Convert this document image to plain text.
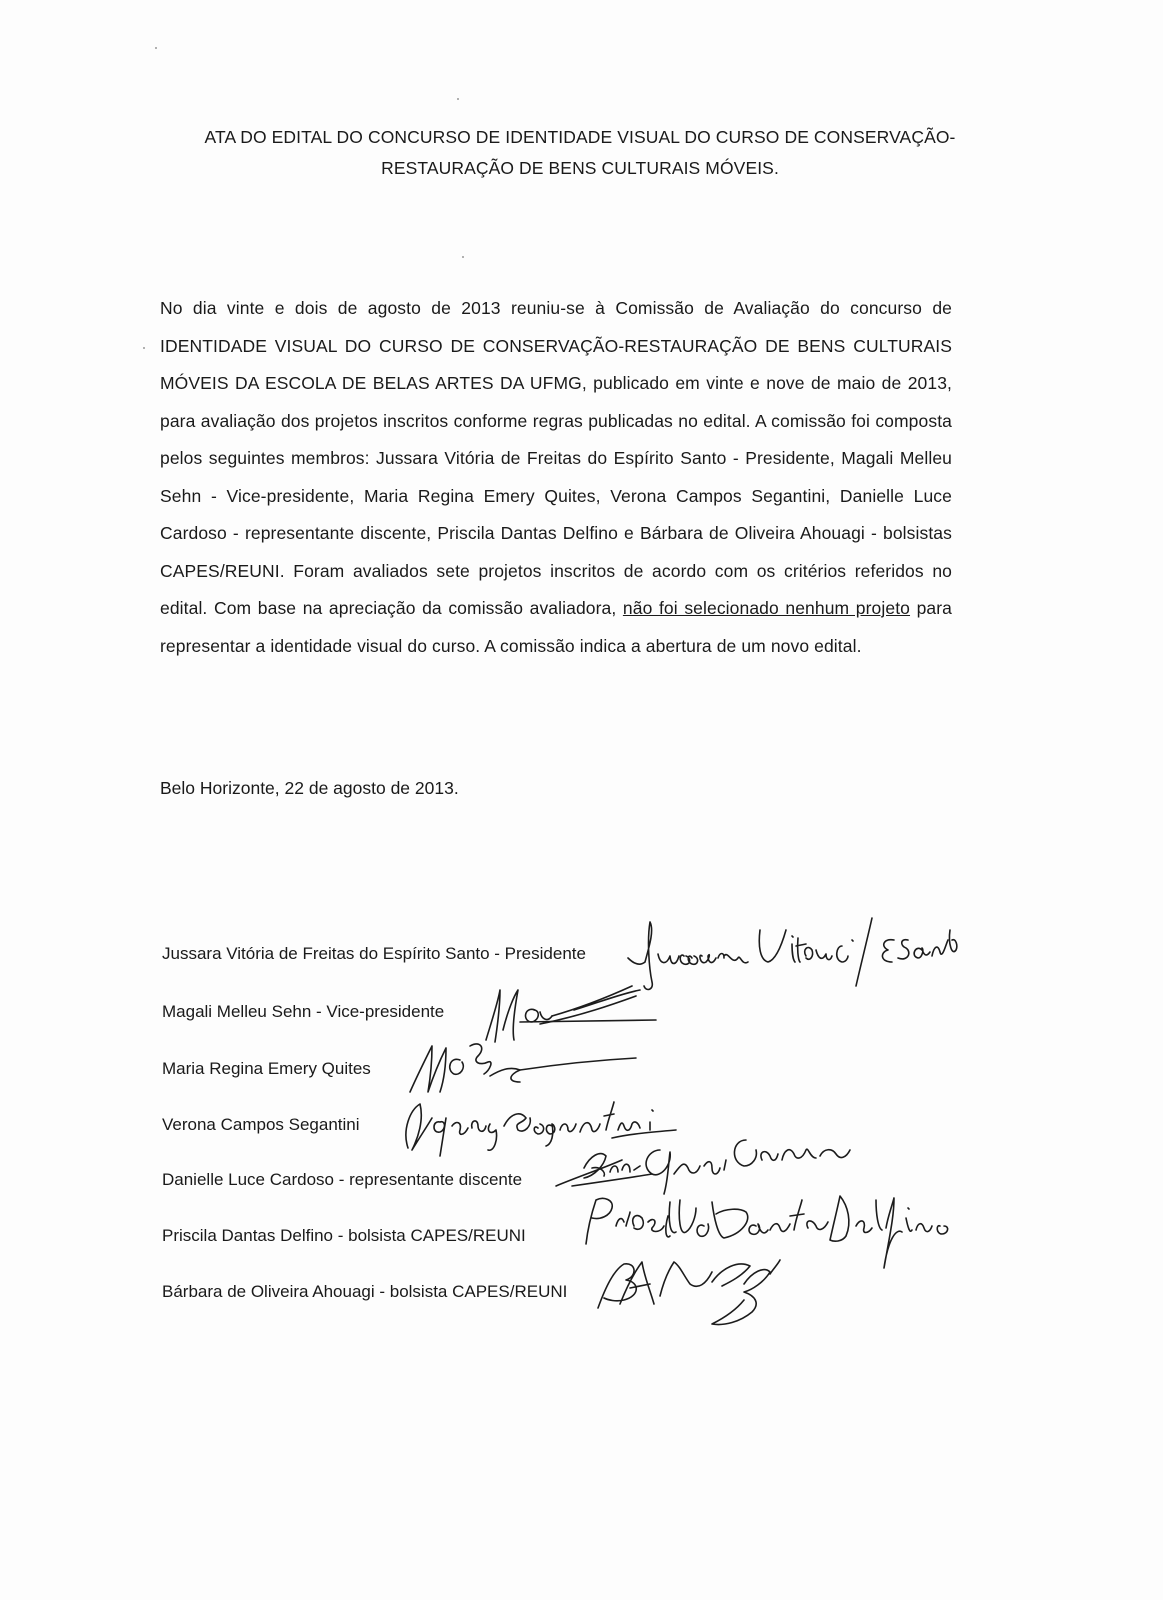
ATA DO EDITAL DO CONCURSO DE IDENTIDADE VISUAL DO CURSO DE CONSERVAÇÃO-
RESTAURAÇÃO DE BENS CULTURAIS MÓVEIS.
No dia vinte e dois de agosto de 2013 reuniu-se à Comissão de Avaliação do concurso de IDENTIDADE VISUAL DO CURSO DE CONSERVAÇÃO-RESTAURAÇÃO DE BENS CULTURAIS MÓVEIS DA ESCOLA DE BELAS ARTES DA UFMG, publicado em vinte e nove de maio de 2013, para avaliação dos projetos inscritos conforme regras publicadas no edital. A comissão foi composta pelos seguintes membros: Jussara Vitória de Freitas do Espírito Santo - Presidente, Magali Melleu Sehn - Vice-presidente, Maria Regina Emery Quites, Verona Campos Segantini, Danielle Luce Cardoso - representante discente, Priscila Dantas Delfino e Bárbara de Oliveira Ahouagi - bolsistas CAPES/REUNI. Foram avaliados sete projetos inscritos de acordo com os critérios referidos no edital. Com base na apreciação da comissão avaliadora, não foi selecionado nenhum projeto para representar a identidade visual do curso. A comissão indica a abertura de um novo edital.
Belo Horizonte, 22 de agosto de 2013.
Jussara Vitória de Freitas do Espírito Santo - Presidente
Magali Melleu Sehn - Vice-presidente
Maria Regina Emery Quites
Verona Campos Segantini
Danielle Luce Cardoso - representante discente
Priscila Dantas Delfino - bolsista CAPES/REUNI
Bárbara de Oliveira Ahouagi - bolsista CAPES/REUNI
